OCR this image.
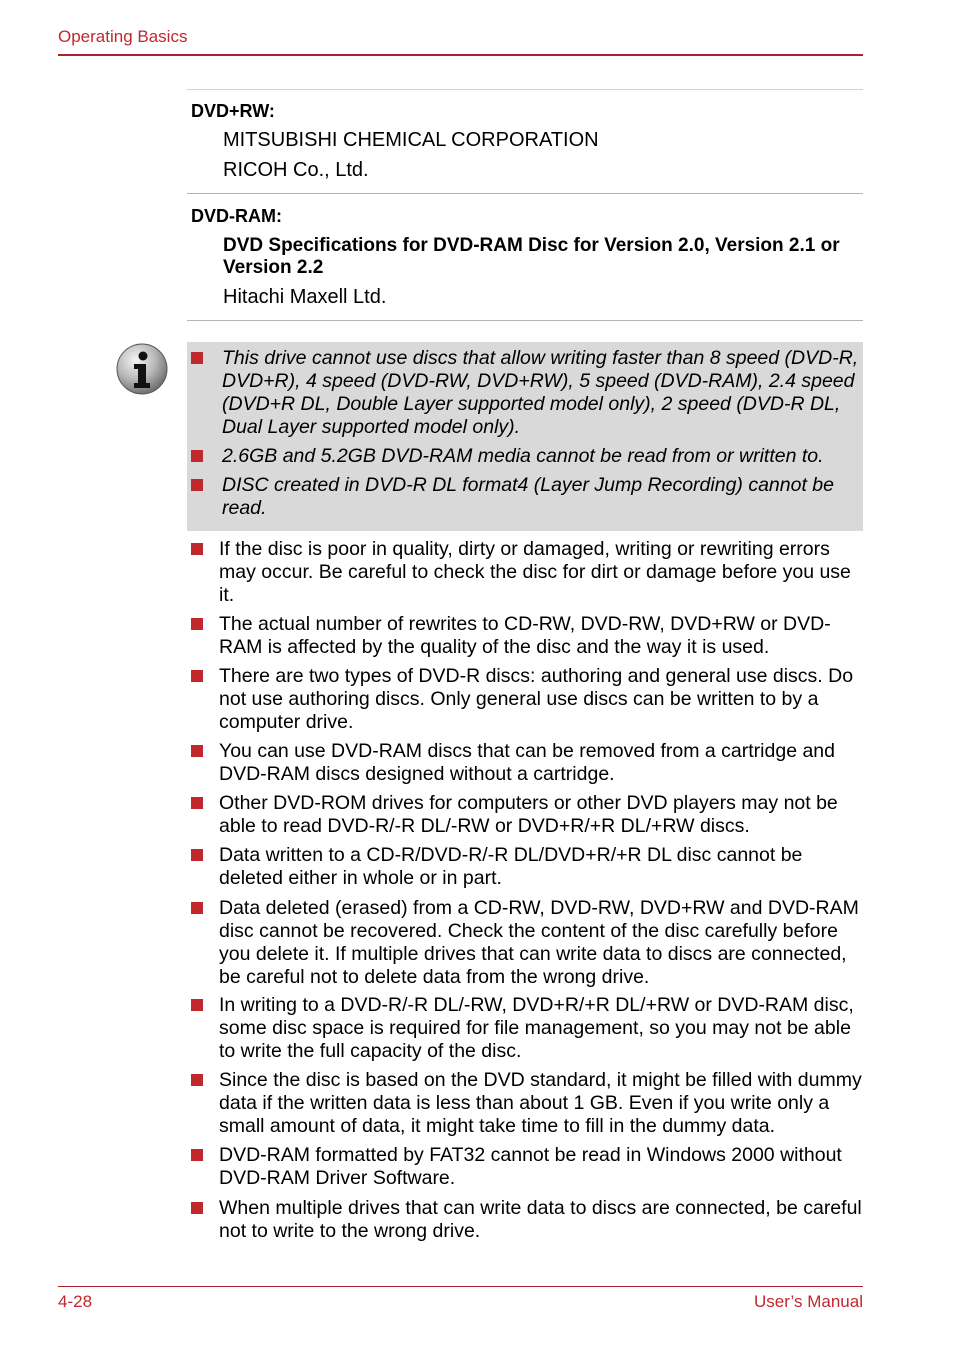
Operating Basics
DVD+RW:
MITSUBISHI CHEMICAL CORPORATION
RICOH Co., Ltd.
DVD-RAM:
DVD Specifications for DVD-RAM Disc for Version 2.0, Version 2.1 or Version 2.2
Hitachi Maxell Ltd.
This drive cannot use discs that allow writing faster than 8 speed (DVD-R, DVD+R), 4 speed (DVD-RW, DVD+RW), 5 speed (DVD-RAM), 2.4 speed (DVD+R DL, Double Layer supported model only), 2 speed (DVD-R DL, Dual Layer supported model only).
2.6GB and 5.2GB DVD-RAM media cannot be read from or written to.
DISC created in DVD-R DL format4 (Layer Jump Recording) cannot be read.
If the disc is poor in quality, dirty or damaged, writing or rewriting errors may occur. Be careful to check the disc for dirt or damage before you use it.
The actual number of rewrites to CD-RW, DVD-RW, DVD+RW or DVD-RAM is affected by the quality of the disc and the way it is used.
There are two types of DVD-R discs: authoring and general use discs. Do not use authoring discs. Only general use discs can be written to by a computer drive.
You can use DVD-RAM discs that can be removed from a cartridge and DVD-RAM discs designed without a cartridge.
Other DVD-ROM drives for computers or other DVD players may not be able to read DVD-R/-R DL/-RW or DVD+R/+R DL/+RW discs.
Data written to a CD-R/DVD-R/-R DL/DVD+R/+R DL disc cannot be deleted either in whole or in part.
Data deleted (erased) from a CD-RW, DVD-RW, DVD+RW and DVD-RAM disc cannot be recovered. Check the content of the disc carefully before you delete it. If multiple drives that can write data to discs are connected, be careful not to delete data from the wrong drive.
In writing to a DVD-R/-R DL/-RW, DVD+R/+R DL/+RW or DVD-RAM disc, some disc space is required for file management, so you may not be able to write the full capacity of the disc.
Since the disc is based on the DVD standard, it might be filled with dummy data if the written data is less than about 1 GB. Even if you write only a small amount of data, it might take time to fill in the dummy data.
DVD-RAM formatted by FAT32 cannot be read in Windows 2000 without DVD-RAM Driver Software.
When multiple drives that can write data to discs are connected, be careful not to write to the wrong drive.
4-28	User’s Manual
